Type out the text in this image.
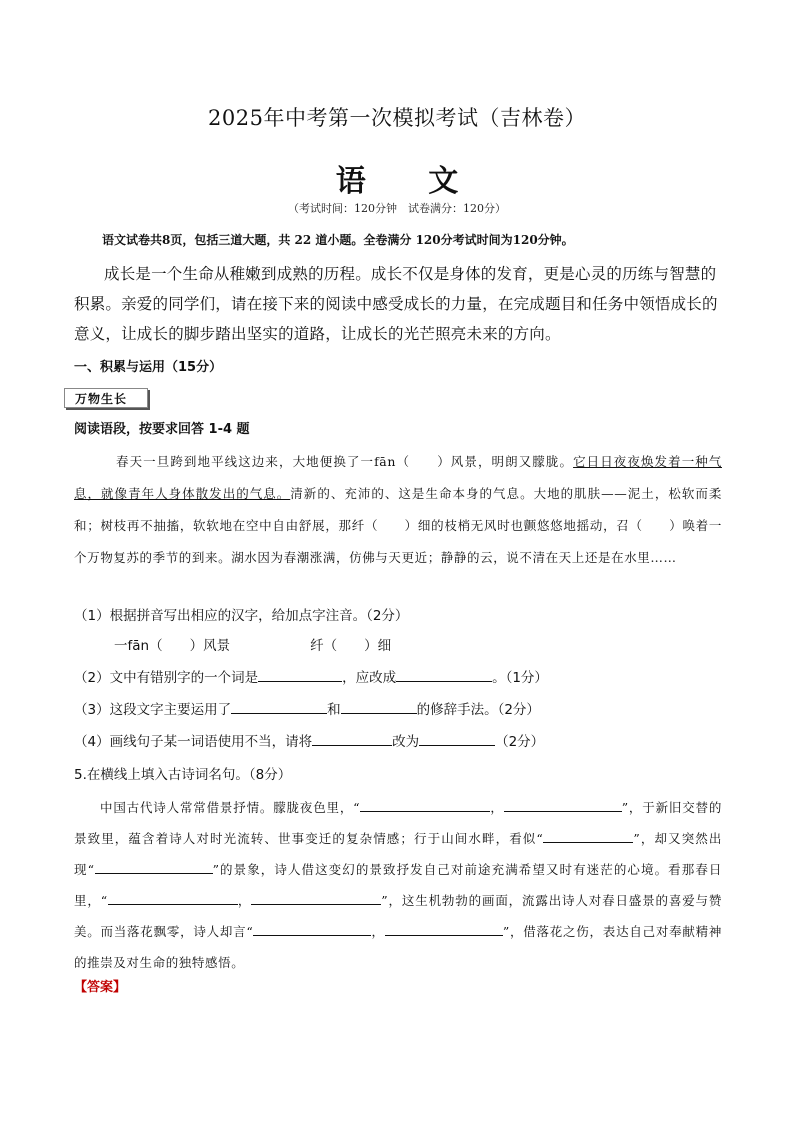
2025年中考第一次模拟考试（吉林卷）
语 文
（考试时间：120分钟　试卷满分：120分）
语文试卷共8页，包括三道大题，共 22 道小题。全卷满分 120分考试时间为120分钟。
成长是一个生命从稚嫩到成熟的历程。成长不仅是身体的发育，更是心灵的历练与智慧的积累。亲爱的同学们，请在接下来的阅读中感受成长的力量，在完成题目和任务中领悟成长的意义，让成长的脚步踏出坚实的道路，让成长的光芒照亮未来的方向。
一、积累与运用（15分）
万物生长
阅读语段，按要求回答 1-4 题
春天一旦跨到地平线这边来，大地便换了一fān（　　）风景，明朗又朦胧。它日日夜夜焕发着一种气息，就像青年人身体散发出的气息。清新的、充沛的、这是生命本身的气息。大地的肌肤——泥土，松软而柔和；树枝再不抽搐，软软地在空中自由舒展，那纤（　　）细的枝梢无风时也颤悠悠地摇动，召（　　）唤着一个万物复苏的季节的到来。湖水因为春潮涨满，仿佛与天更近；静静的云，说不清在天上还是在水里……
（1）根据拼音写出相应的汉字，给加点字注音。（2分）
一fān（　　）风景	纤（　　）细
（2）文中有错别字的一个词是	，应改成	。（1分）
（3）这段文字主要运用了	和	的修辞手法。（2分）
（4）画线句子某一词语使用不当，请将	改为	（2分）
5.在横线上填入古诗词名句。（8分）
中国古代诗人常常借景抒情。朦胧夜色里，“	，	”，于新旧交替的景致里，蕴含着诗人对时光流转、世事变迁的复杂情感；行于山间水畔，看似“	”，却又突然出现“	”的景象，诗人借这变幻的景致抒发自己对前途充满希望又时有迷茫的心境。看那春日里，“	，	”，这生机勃勃的画面，流露出诗人对春日盛景的喜爱与赞美。而当落花飘零，诗人却言“	，	”，借落花之伤，表达自己对奉献精神的推崇及对生命的独特感悟。
【答案】
